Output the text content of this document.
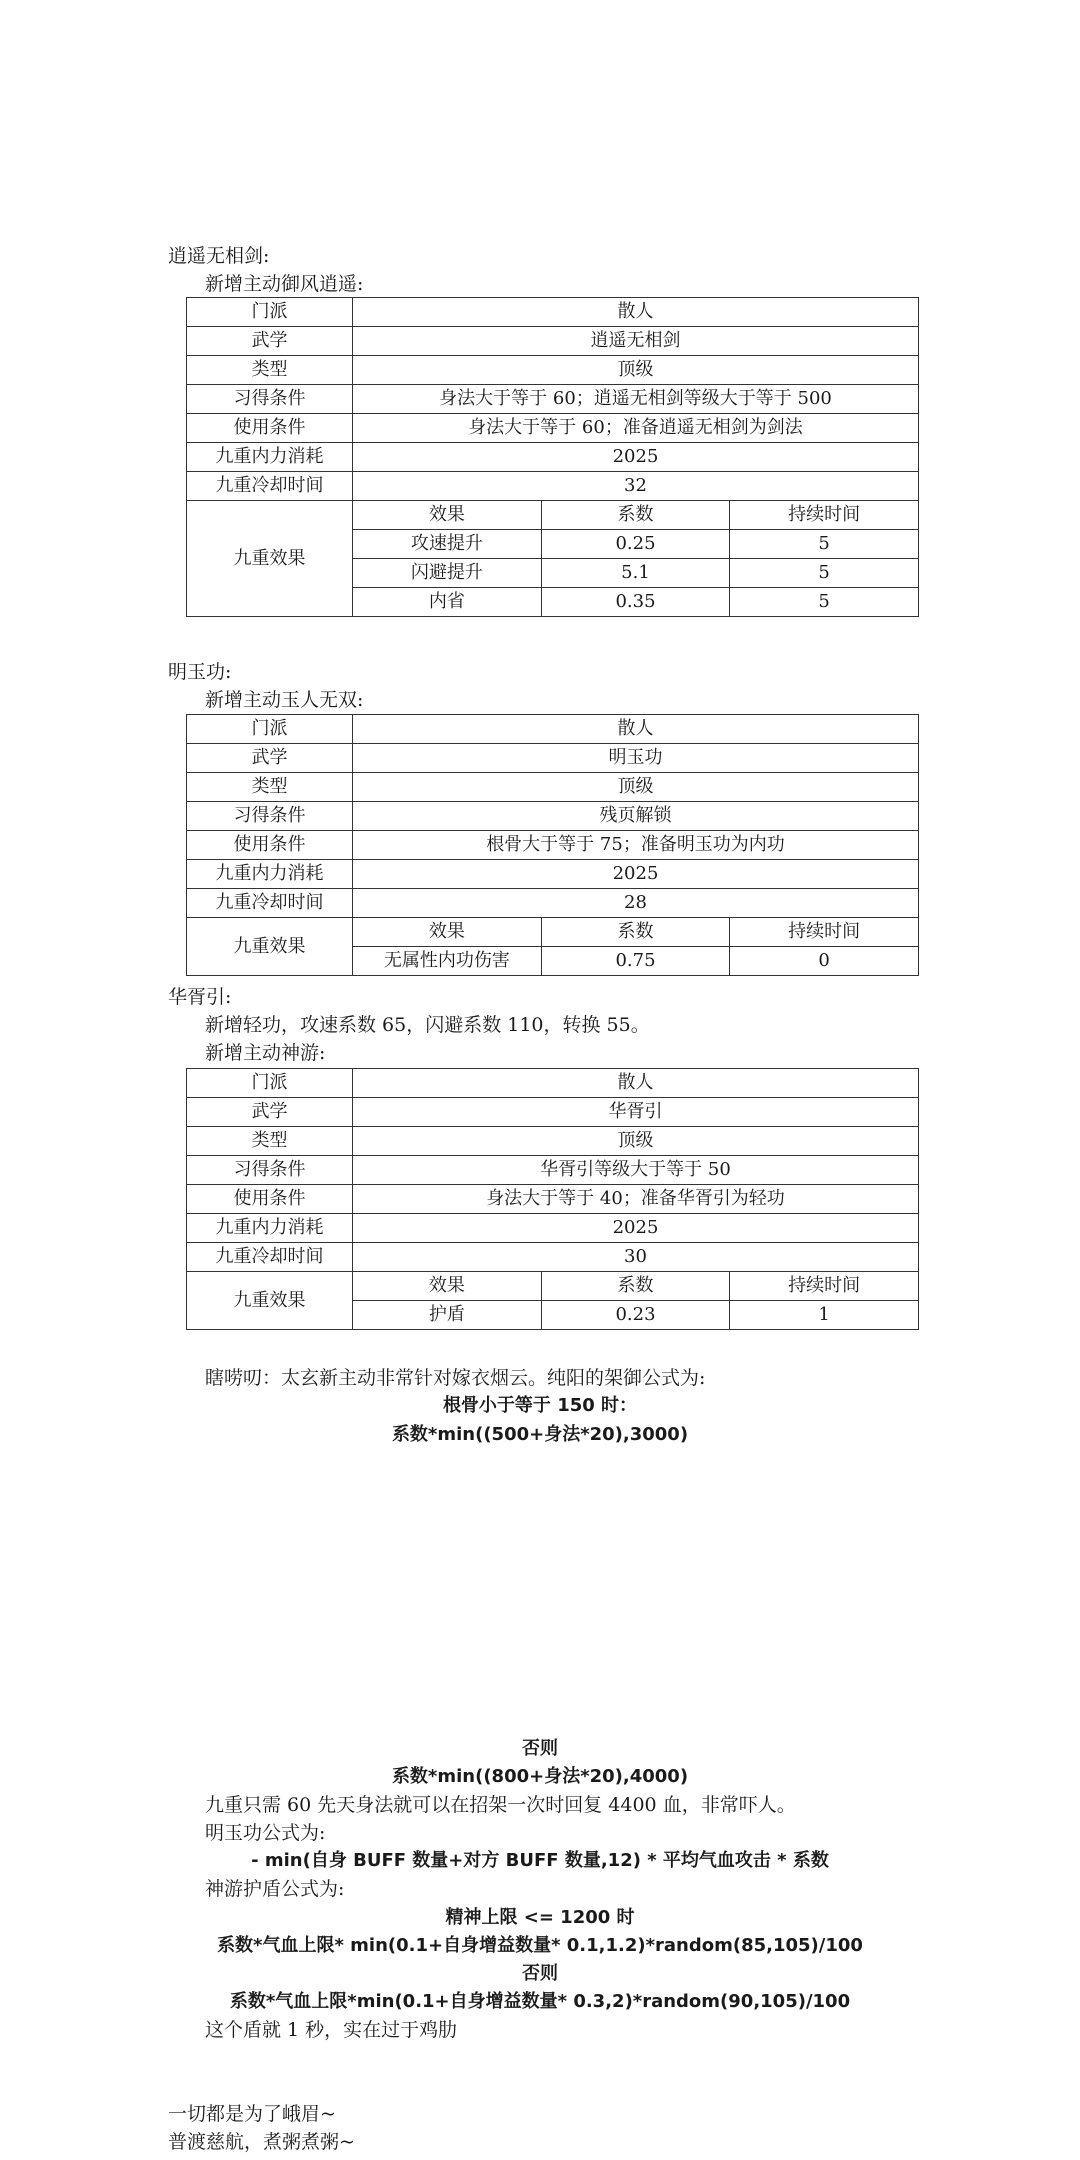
逍遥无相剑:
新增主动御风逍遥:
门派	散人		
武学	逍遥无相剑		
类型	顶级		
习得条件	身法大于等于 60；逍遥无相剑等级大于等于 500		
使用条件	身法大于等于 60；准备逍遥无相剑为剑法		
九重内力消耗	2025		
九重冷却时间	32		
九重效果	效果	系数	持续时间
	攻速提升	0.25	5
	闪避提升	5.1	5
	内省	0.35	5
明玉功:
新增主动玉人无双:
门派	散人		
武学	明玉功		
类型	顶级		
习得条件	残页解锁		
使用条件	根骨大于等于 75；准备明玉功为内功		
九重内力消耗	2025		
九重冷却时间	28		
九重效果	效果	系数	持续时间
	无属性内功伤害	0.75	0
华胥引:
新增轻功，攻速系数 65，闪避系数 110，转换 55。
新增主动神游:
门派	散人		
武学	华胥引		
类型	顶级		
习得条件	华胥引等级大于等于 50		
使用条件	身法大于等于 40；准备华胥引为轻功		
九重内力消耗	2025		
九重冷却时间	30		
九重效果	效果	系数	持续时间
	护盾	0.23	1
瞎唠叨：太玄新主动非常针对嫁衣烟云。纯阳的架御公式为:
根骨小于等于 150 时：
系数*min((500+身法*20),3000)
否则
系数*min((800+身法*20),4000)
九重只需 60 先天身法就可以在招架一次时回复 4400 血，非常吓人。
明玉功公式为:
- min(自身 BUFF 数量+对方 BUFF 数量,12) * 平均气血攻击 * 系数
神游护盾公式为:
精神上限 <= 1200 时
系数*气血上限* min(0.1+自身增益数量* 0.1,1.2)*random(85,105)/100
否则
系数*气血上限*min(0.1+自身增益数量* 0.3,2)*random(90,105)/100
这个盾就 1 秒，实在过于鸡肋
一切都是为了峨眉~
普渡慈航，煮粥煮粥~
